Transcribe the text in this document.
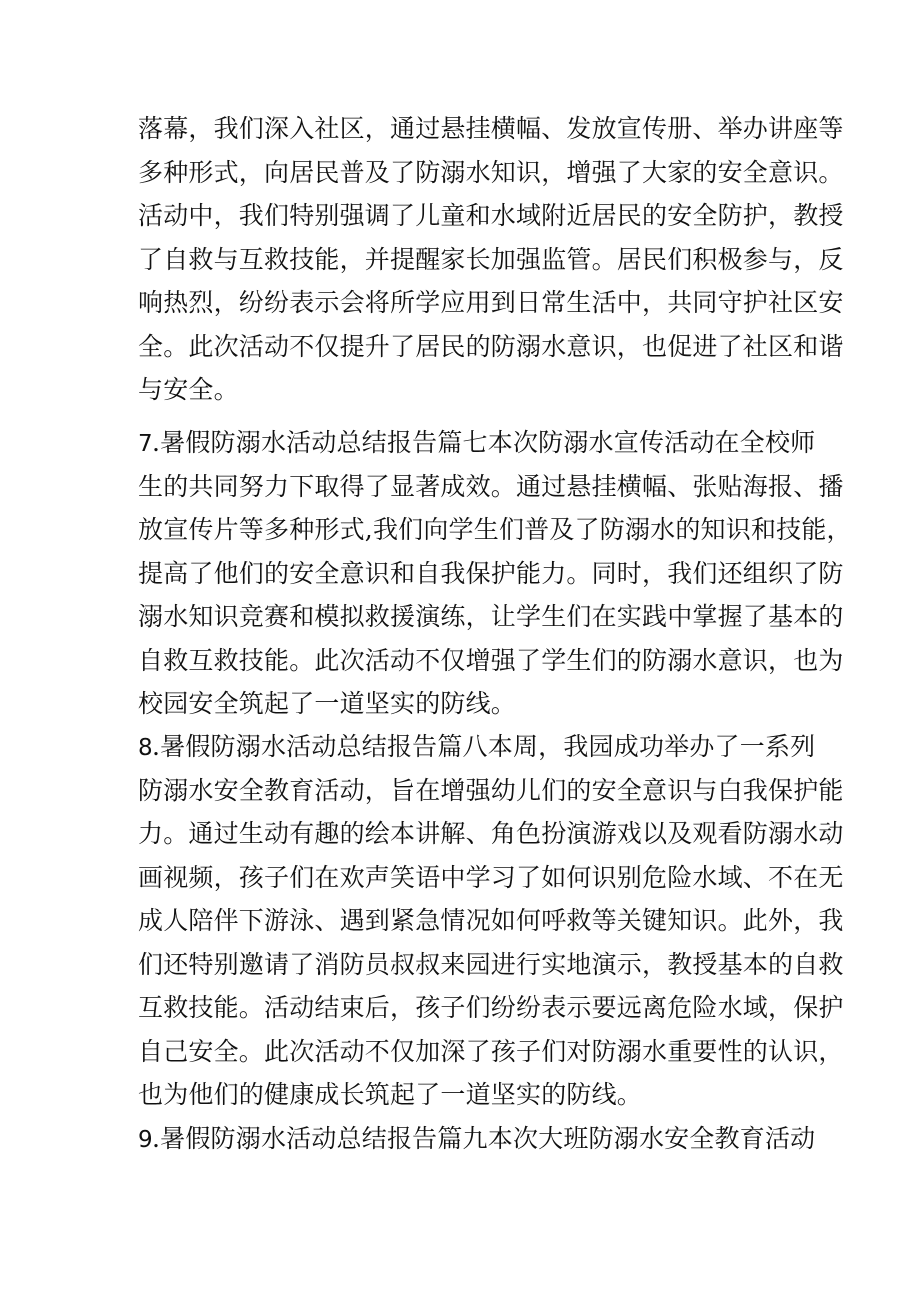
落幕，我们深入社区，通过悬挂横幅、发放宣传册、举办讲座等
多种形式，向居民普及了防溺水知识，增强了大家的安全意识。
活动中，我们特别强调了儿童和水域附近居民的安全防护，教授
了自救与互救技能，并提醒家长加强监管。居民们积极参与，反
响热烈，纷纷表示会将所学应用到日常生活中，共同守护社区安
全。此次活动不仅提升了居民的防溺水意识，也促进了社区和谐
与安全。
7.暑假防溺水活动总结报告篇七本次防溺水宣传活动在全校师
生的共同努力下取得了显著成效。通过悬挂横幅、张贴海报、播
放宣传片等多种形式,我们向学生们普及了防溺水的知识和技能，
提高了他们的安全意识和自我保护能力。同时，我们还组织了防
溺水知识竞赛和模拟救援演练，让学生们在实践中掌握了基本的
自救互救技能。此次活动不仅增强了学生们的防溺水意识，也为
校园安全筑起了一道坚实的防线。
8.暑假防溺水活动总结报告篇八本周，我园成功举办了一系列
防溺水安全教育活动，旨在增强幼儿们的安全意识与白我保护能
力。通过生动有趣的绘本讲解、角色扮演游戏以及观看防溺水动
画视频，孩子们在欢声笑语中学习了如何识别危险水域、不在无
成人陪伴下游泳、遇到紧急情况如何呼救等关键知识。此外，我
们还特别邀请了消防员叔叔来园进行实地演示，教授基本的自救
互救技能。活动结束后，孩子们纷纷表示要远离危险水域，保护
自己安全。此次活动不仅加深了孩子们对防溺水重要性的认识，
也为他们的健康成长筑起了一道坚实的防线。
9.暑假防溺水活动总结报告篇九本次大班防溺水安全教育活动
